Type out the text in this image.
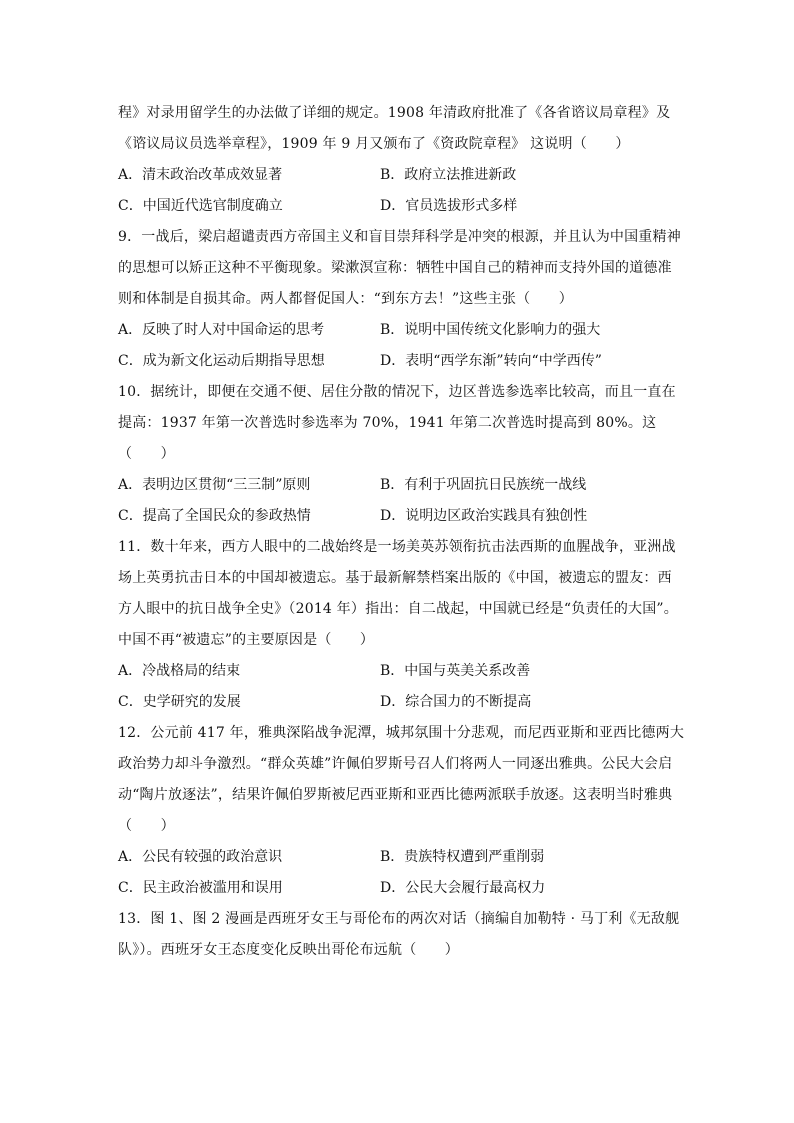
程》对录用留学生的办法做了详细的规定。1908 年清政府批准了《各省谘议局章程》及
《谘议局议员选举章程》，1909 年 9 月又颁布了《资政院章程》 这说明（　　）
A．清末政治改革成效显著	B．政府立法推进新政
C．中国近代选官制度确立	D．官员选拔形式多样
9．一战后，梁启超谴责西方帝国主义和盲目崇拜科学是冲突的根源，并且认为中国重精神
的思想可以矫正这种不平衡现象。梁漱溟宣称：牺牲中国自己的精神而支持外国的道德准
则和体制是自损其命。两人都督促国人：“到东方去！”这些主张（　　）
A．反映了时人对中国命运的思考	B．说明中国传统文化影响力的强大
C．成为新文化运动后期指导思想	D．表明“西学东渐”转向“中学西传”
10．据统计，即便在交通不便、居住分散的情况下，边区普选参选率比较高，而且一直在
提高：1937 年第一次普选时参选率为 70%，1941 年第二次普选时提高到 80%。这
（　　）
A．表明边区贯彻“三三制”原则	B．有利于巩固抗日民族统一战线
C．提高了全国民众的参政热情	D．说明边区政治实践具有独创性
11．数十年来，西方人眼中的二战始终是一场美英苏领衔抗击法西斯的血腥战争，亚洲战
场上英勇抗击日本的中国却被遗忘。基于最新解禁档案出版的《中国，被遗忘的盟友：西
方人眼中的抗日战争全史》（2014 年）指出：自二战起，中国就已经是“负责任的大国”。
中国不再“被遗忘”的主要原因是（　　）
A．冷战格局的结束	B．中国与英美关系改善
C．史学研究的发展	D．综合国力的不断提高
12．公元前 417 年，雅典深陷战争泥潭，城邦氛围十分悲观，而尼西亚斯和亚西比德两大
政治势力却斗争激烈。“群众英雄”许佩伯罗斯号召人们将两人一同逐出雅典。公民大会启
动“陶片放逐法”，结果许佩伯罗斯被尼西亚斯和亚西比德两派联手放逐。这表明当时雅典
（　　）
A．公民有较强的政治意识	B．贵族特权遭到严重削弱
C．民主政治被滥用和误用	D．公民大会履行最高权力
13．图 1、图 2 漫画是西班牙女王与哥伦布的两次对话（摘编自加勒特 · 马丁利《无敌舰
队》）。西班牙女王态度变化反映出哥伦布远航（　　）
